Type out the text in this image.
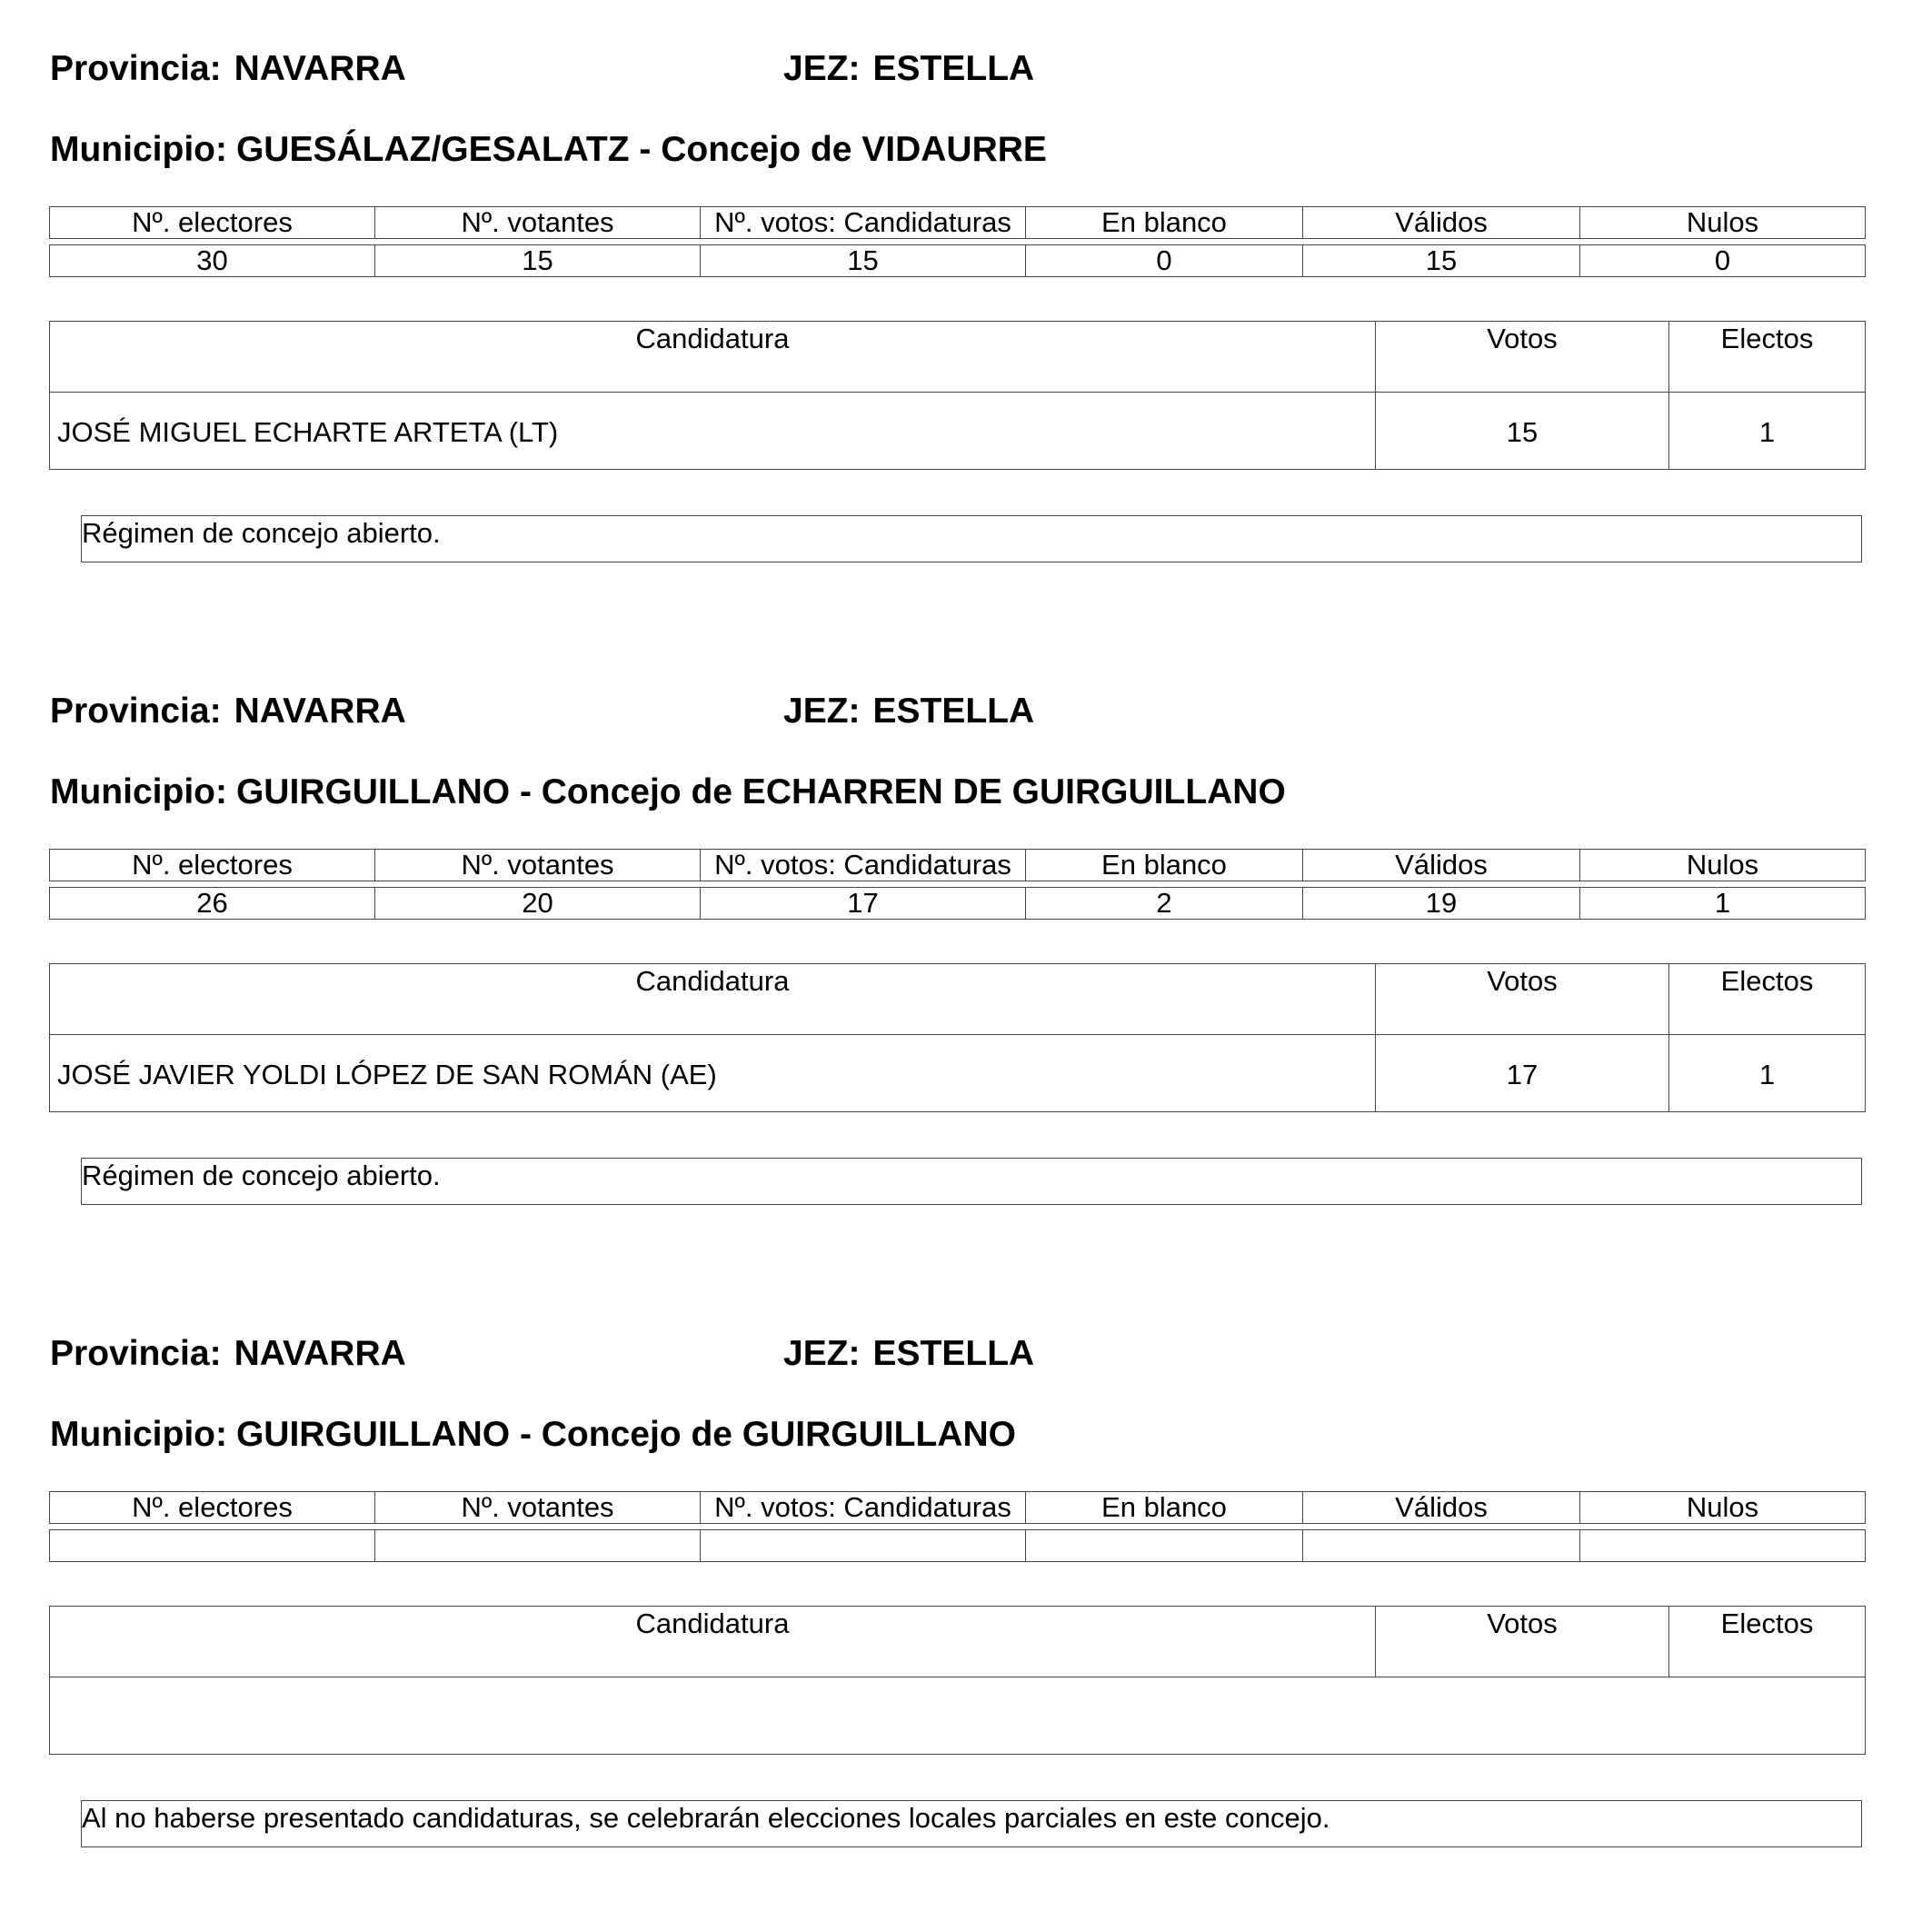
Provincia: NAVARRA	JEZ: ESTELLA
Municipio: GUESÁLAZ/GESALATZ - Concejo de VIDAURRE
Nº. electores	Nº. votantes	Nº. votos: Candidaturas	En blanco	Válidos	Nulos
30	15	15	0	15	0
Candidatura	Votos	Electos
JOSÉ MIGUEL ECHARTE ARTETA (LT)	15	1
Régimen de concejo abierto.
Provincia: NAVARRA	JEZ: ESTELLA
Municipio: GUIRGUILLANO - Concejo de ECHARREN DE GUIRGUILLANO
Nº. electores	Nº. votantes	Nº. votos: Candidaturas	En blanco	Válidos	Nulos
26	20	17	2	19	1
Candidatura	Votos	Electos
JOSÉ JAVIER YOLDI LÓPEZ DE SAN ROMÁN (AE)	17	1
Régimen de concejo abierto.
Provincia: NAVARRA	JEZ: ESTELLA
Municipio: GUIRGUILLANO - Concejo de GUIRGUILLANO
Nº. electores	Nº. votantes	Nº. votos: Candidaturas	En blanco	Válidos	Nulos

Candidatura	Votos	Electos

Al no haberse presentado candidaturas, se celebrarán elecciones locales parciales en este concejo.
